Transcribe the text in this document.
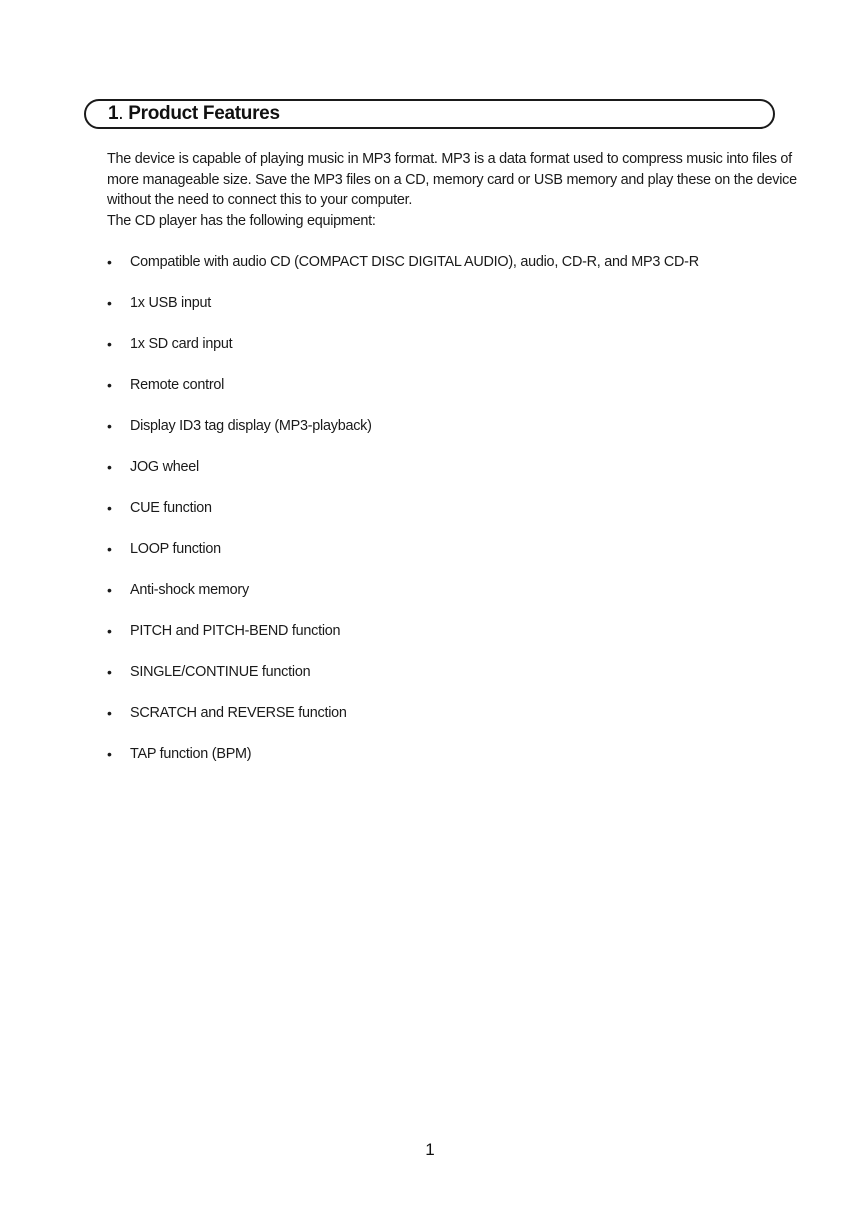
1. Product Features

The device is capable of playing music in MP3 format. MP3 is a data format used to compress music into files of more manageable size. Save the MP3 files on a CD, memory card or USB memory and play these on the device without the need to connect this to your computer.

The CD player has the following equipment:

•	Compatible with audio CD (COMPACT DISC DIGITAL AUDIO), audio, CD-R, and MP3 CD-R
•	1x USB input
•	1x SD card input
•	Remote control
•	Display ID3 tag display (MP3-playback)
•	JOG wheel
•	CUE function
•	LOOP function
•	Anti-shock memory
•	PITCH and PITCH-BEND function
•	SINGLE/CONTINUE function
•	SCRATCH and REVERSE function
•	TAP function (BPM)
1
